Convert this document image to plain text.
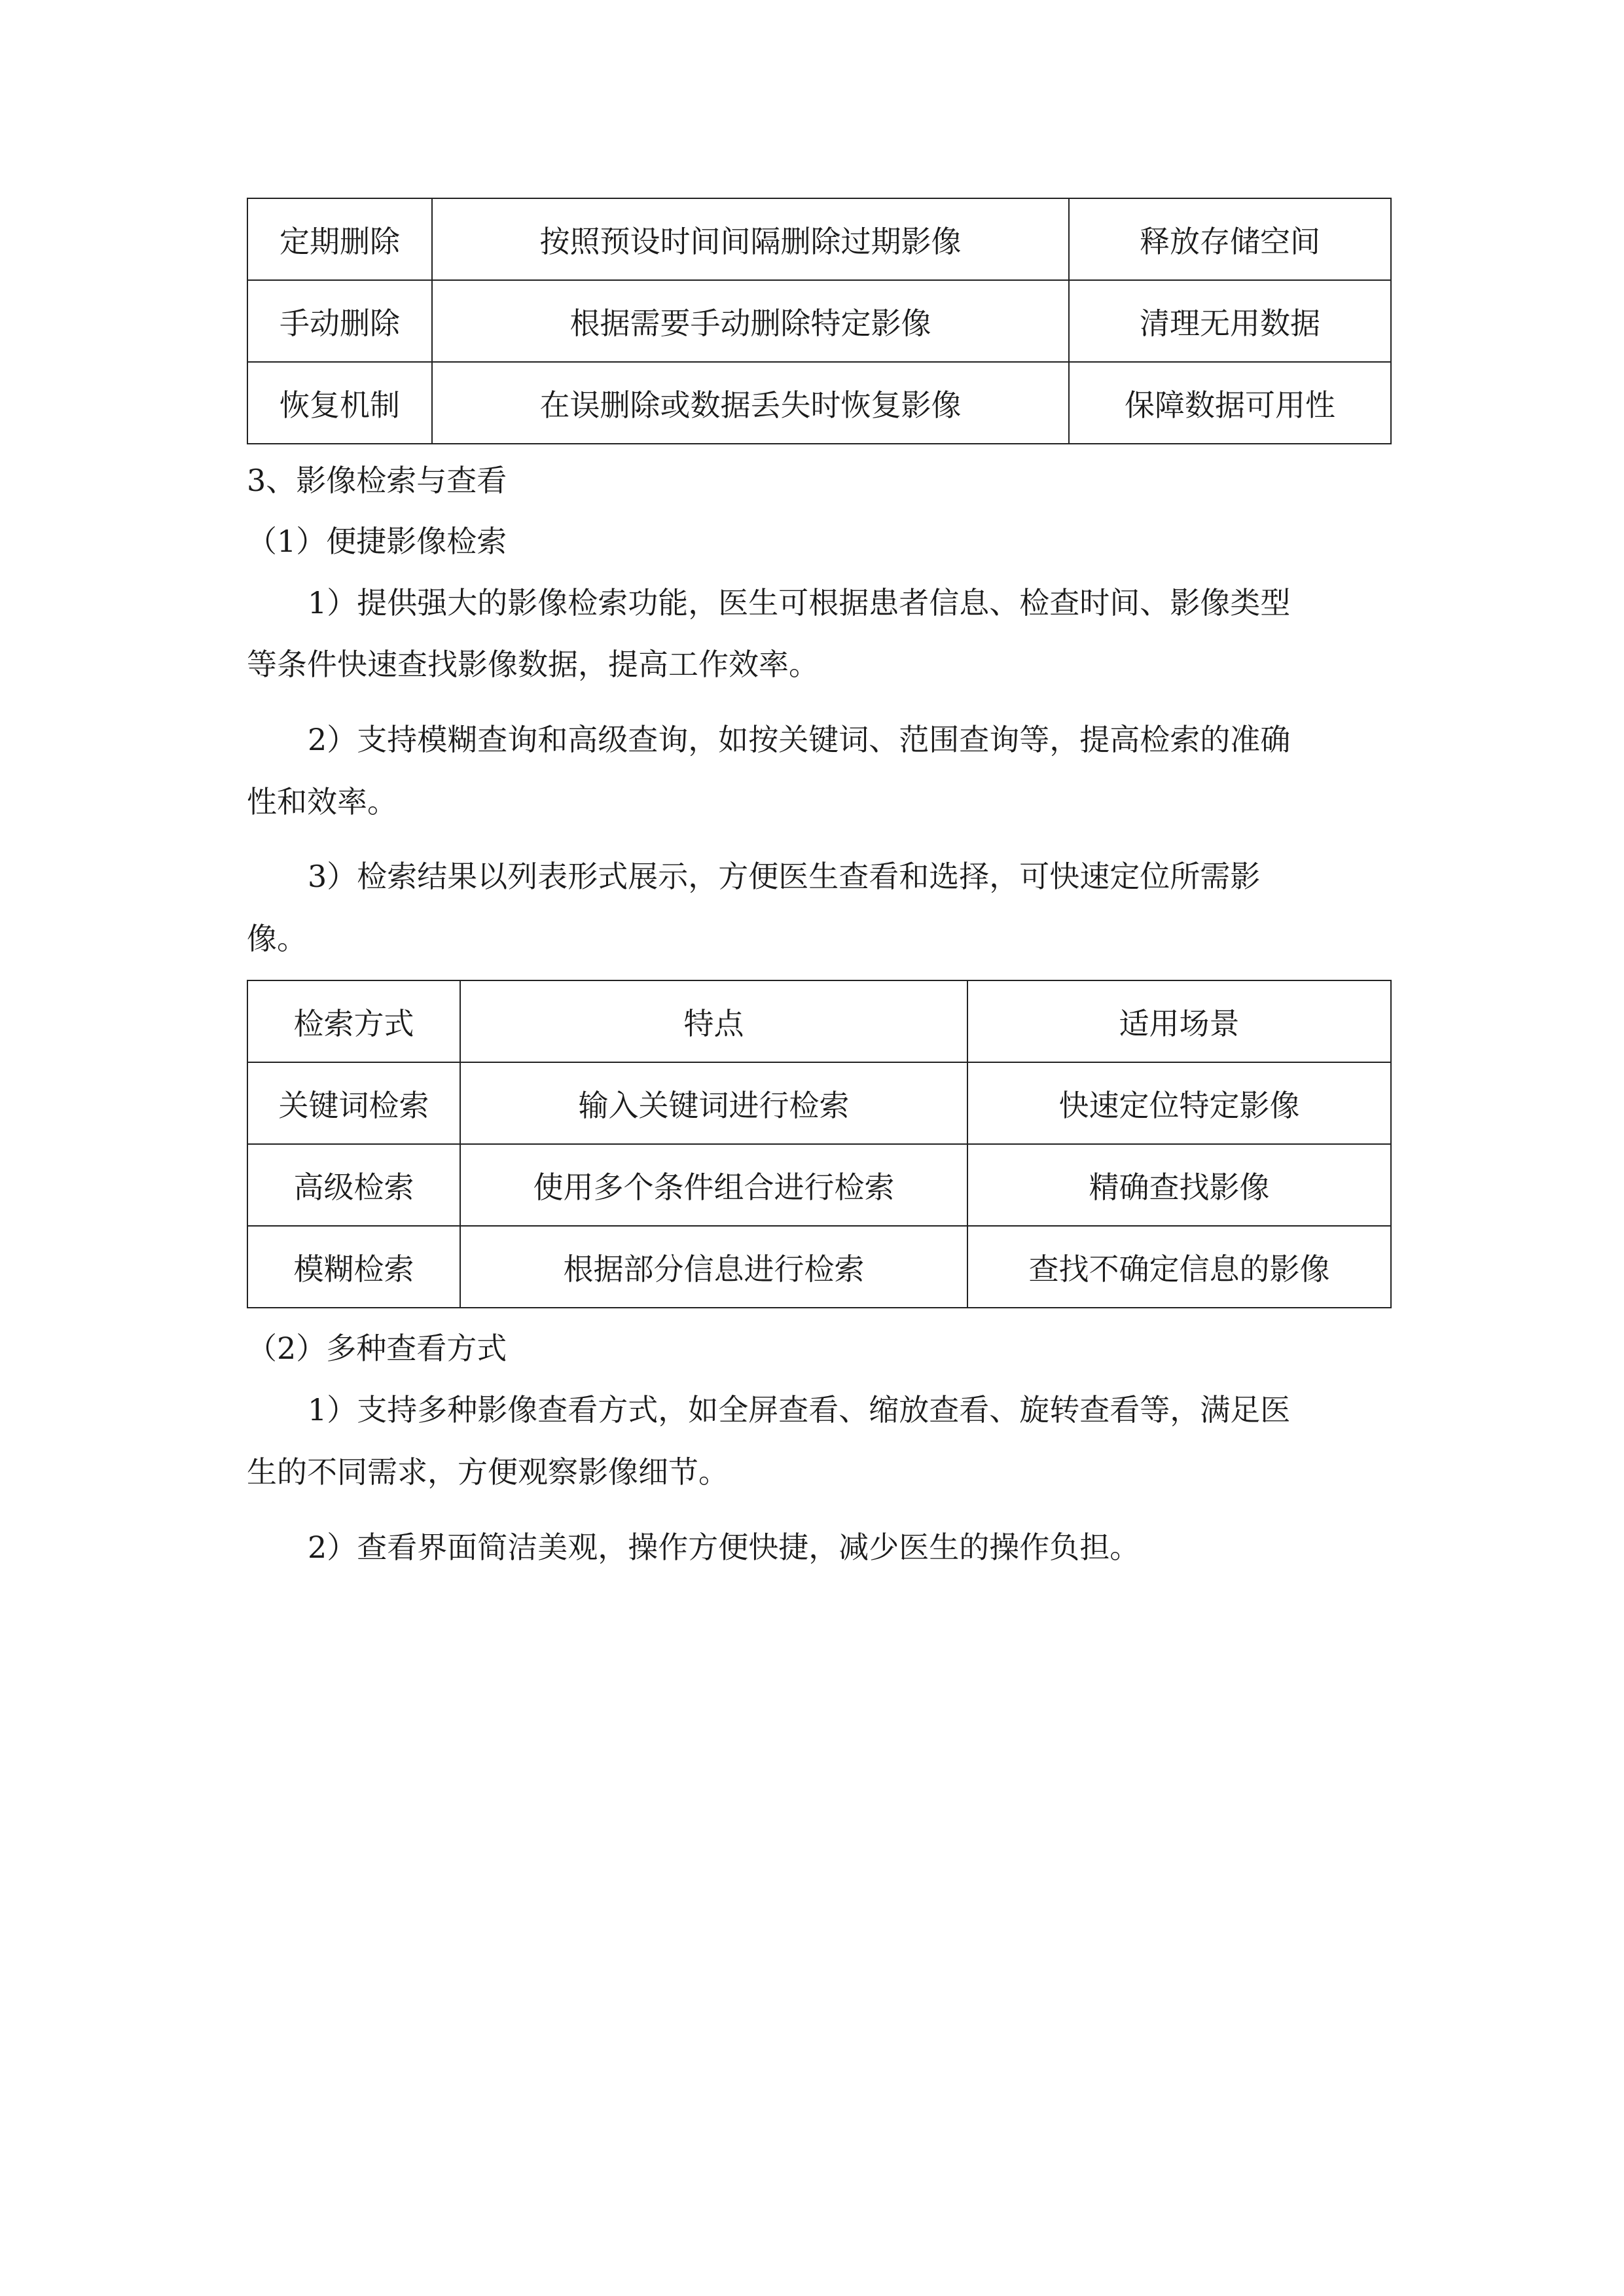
定期删除	按照预设时间间隔删除过期影像	释放存储空间
手动删除	根据需要手动删除特定影像	清理无用数据
恢复机制	在误删除或数据丢失时恢复影像	保障数据可用性

3、影像检索与查看

（1）便捷影像检索

1）提供强大的影像检索功能，医生可根据患者信息、检查时间、影像类型

等条件快速查找影像数据，提高工作效率。

2）支持模糊查询和高级查询，如按关键词、范围查询等，提高检索的准确

性和效率。

3）检索结果以列表形式展示，方便医生查看和选择，可快速定位所需影

像。

检索方式	特点	适用场景
关键词检索	输入关键词进行检索	快速定位特定影像
高级检索	使用多个条件组合进行检索	精确查找影像
模糊检索	根据部分信息进行检索	查找不确定信息的影像

（2）多种查看方式

1）支持多种影像查看方式，如全屏查看、缩放查看、旋转查看等，满足医

生的不同需求，方便观察影像细节。

2）查看界面简洁美观，操作方便快捷，减少医生的操作负担。
